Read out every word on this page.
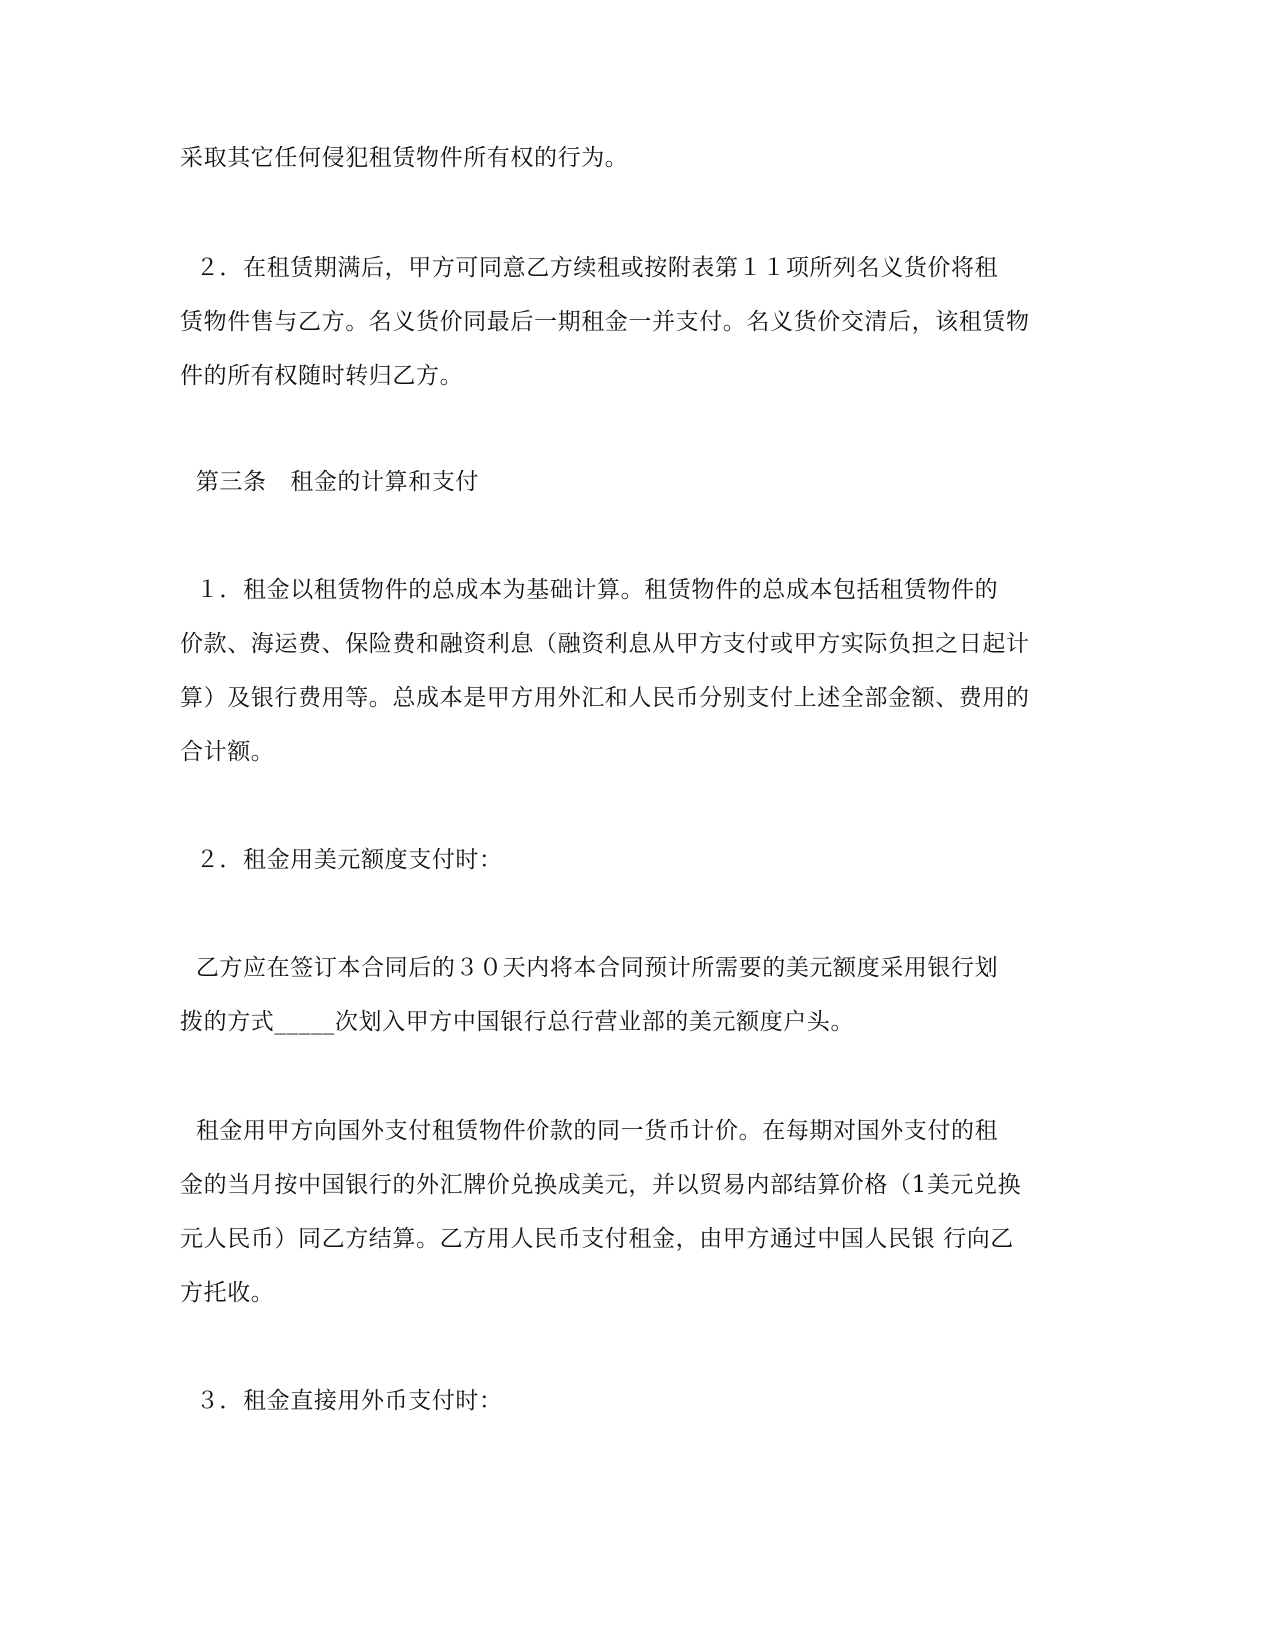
采取其它任何侵犯租赁物件所有权的行为。
２．在租赁期满后，甲方可同意乙方续租或按附表第１１项所列名义货价将租
赁物件售与乙方。名义货价同最后一期租金一并支付。名义货价交清后，该租赁物
件的所有权随时转归乙方。
第三条　租金的计算和支付
１．租金以租赁物件的总成本为基础计算。租赁物件的总成本包括租赁物件的
价款、海运费、保险费和融资利息（融资利息从甲方支付或甲方实际负担之日起计
算）及银行费用等。总成本是甲方用外汇和人民币分别支付上述全部金额、费用的
合计额。
２．租金用美元额度支付时：
乙方应在签订本合同后的３０天内将本合同预计所需要的美元额度采用银行划
拨的方式_____次划入甲方中国银行总行营业部的美元额度户头。
租金用甲方向国外支付租赁物件价款的同一货币计价。在每期对国外支付的租
金的当月按中国银行的外汇牌价兑换成美元，并以贸易内部结算价格（1美元兑换
元人民币）同乙方结算。乙方用人民币支付租金，由甲方通过中国人民银 行向乙
方托收。
３．租金直接用外币支付时：
